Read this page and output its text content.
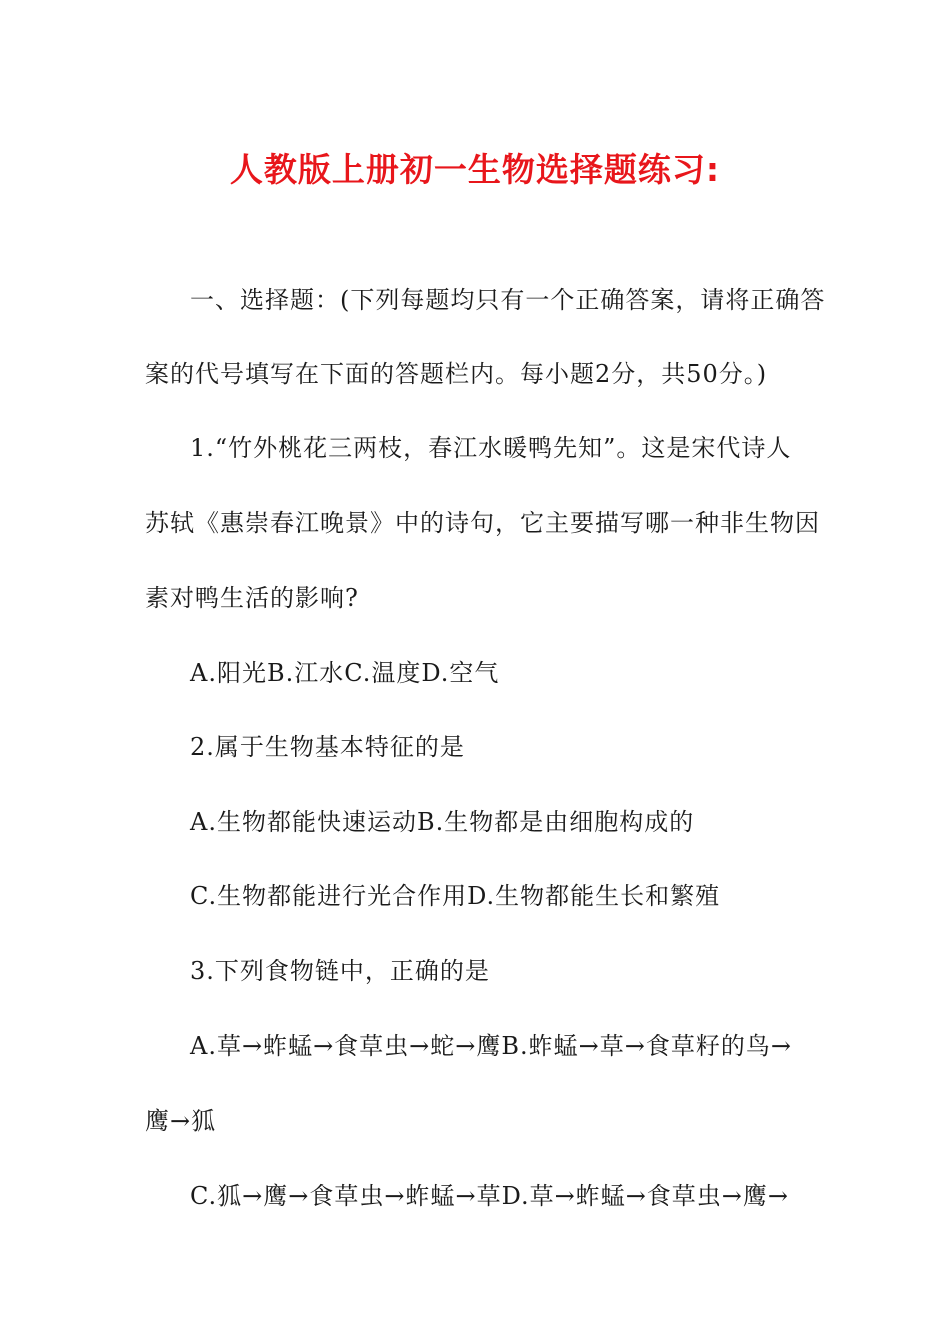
人教版上册初一生物选择题练习:
一、选择题：(下列每题均只有一个正确答案，请将正确答
案的代号填写在下面的答题栏内。每小题2分，共50分。)
1.“竹外桃花三两枝，春江水暖鸭先知”。这是宋代诗人
苏轼《惠崇春江晚景》中的诗句，它主要描写哪一种非生物因
素对鸭生活的影响?
A.阳光B.江水C.温度D.空气
2.属于生物基本特征的是
A.生物都能快速运动B.生物都是由细胞构成的
C.生物都能进行光合作用D.生物都能生长和繁殖
3.下列食物链中，正确的是
A.草→蚱蜢→食草虫→蛇→鹰B.蚱蜢→草→食草籽的鸟→
鹰→狐
C.狐→鹰→食草虫→蚱蜢→草D.草→蚱蜢→食草虫→鹰→
